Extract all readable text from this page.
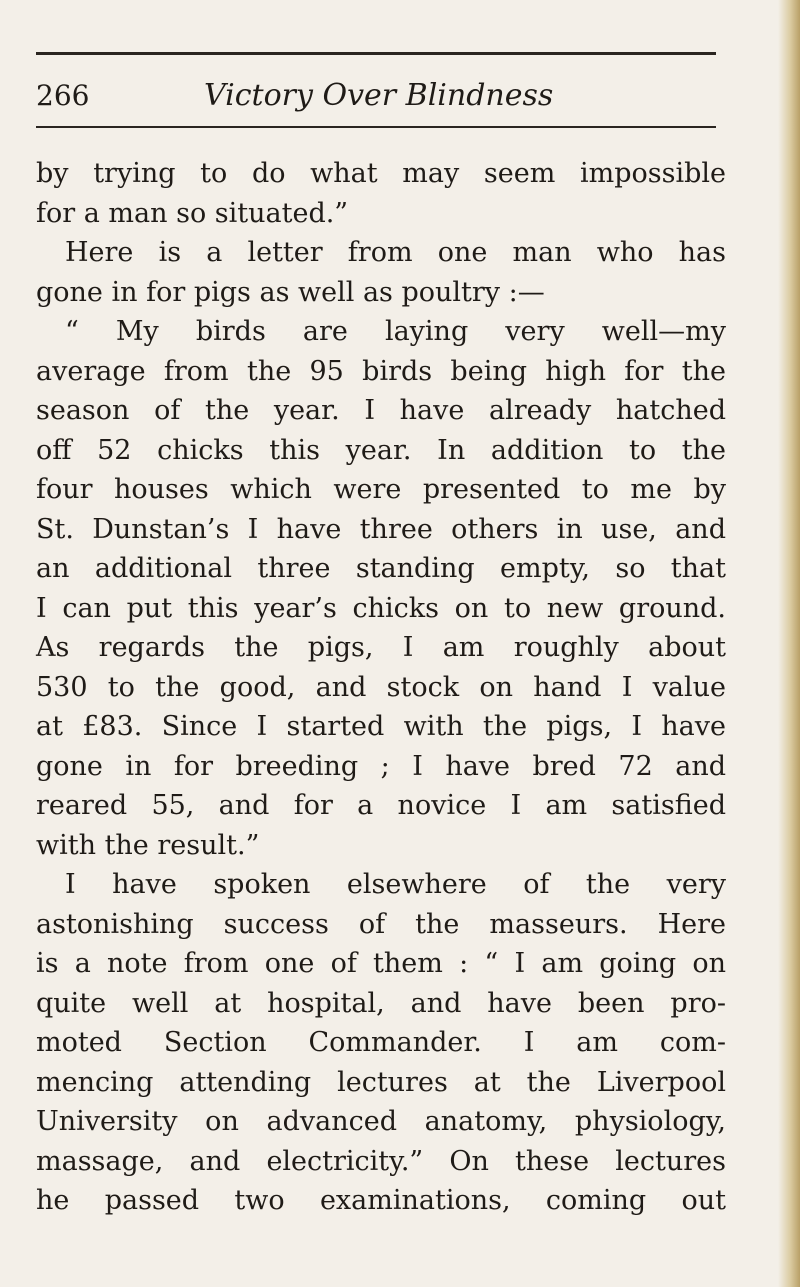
266	Victory Over Blindness
by trying to do what may seem impossible
for a man so situated.”
Here is a letter from one man who has
gone in for pigs as well as poultry :—
“ My birds are laying very well—my
average from the 95 birds being high for the
season of the year. I have already hatched
off 52 chicks this year. In addition to the
four houses which were presented to me by
St. Dunstan’s I have three others in use, and
an additional three standing empty, so that
I can put this year’s chicks on to new ground.
As regards the pigs, I am roughly about
530 to the good, and stock on hand I value
at £83. Since I started with the pigs, I have
gone in for breeding ; I have bred 72 and
reared 55, and for a novice I am satisfied
with the result.”
I have spoken elsewhere of the very
astonishing success of the masseurs. Here
is a note from one of them : “ I am going on
quite well at hospital, and have been pro-
moted Section Commander. I am com-
mencing attending lectures at the Liverpool
University on advanced anatomy, physiology,
massage, and electricity.” On these lectures
he passed two examinations, coming out
